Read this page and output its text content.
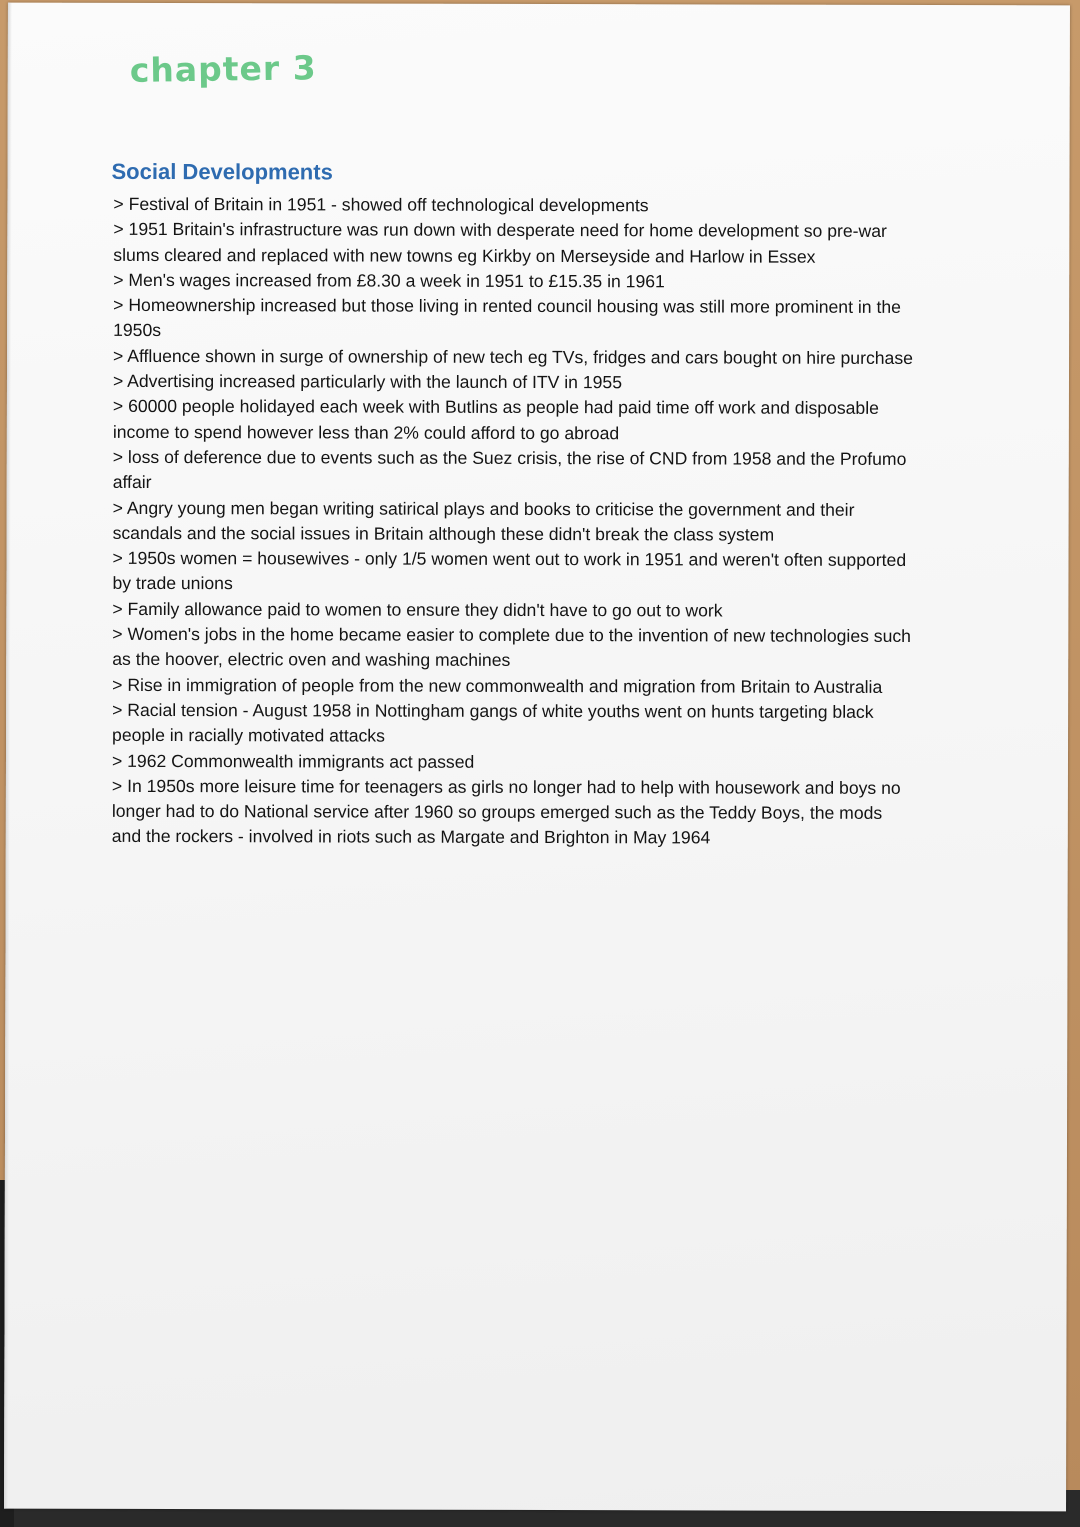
chapter 3
Social Developments
> Festival of Britain in 1951 - showed off technological developments
> 1951 Britain's infrastructure was run down with desperate need for home development so pre-war slums cleared and replaced with new towns eg Kirkby on Merseyside and Harlow in Essex
> Men's wages increased from £8.30 a week in 1951 to £15.35 in 1961
> Homeownership increased but those living in rented council housing was still more prominent in the 1950s
> Affluence shown in surge of ownership of new tech eg TVs, fridges and cars bought on hire purchase
> Advertising increased particularly with the launch of ITV in 1955
> 60000 people holidayed each week with Butlins as people had paid time off work and disposable income to spend however less than 2% could afford to go abroad
> loss of deference due to events such as the Suez crisis, the rise of CND from 1958 and the Profumo affair
> Angry young men began writing satirical plays and books to criticise the government and their scandals and the social issues in Britain although these didn't break the class system
> 1950s women = housewives - only 1/5 women went out to work in 1951 and weren't often supported by trade unions
> Family allowance paid to women to ensure they didn't have to go out to work
> Women's jobs in the home became easier to complete due to the invention of new technologies such as the hoover, electric oven and washing machines
> Rise in immigration of people from the new commonwealth and migration from Britain to Australia
> Racial tension - August 1958 in Nottingham gangs of white youths went on hunts targeting black people in racially motivated attacks
> 1962 Commonwealth immigrants act passed
> In 1950s more leisure time for teenagers as girls no longer had to help with housework and boys no longer had to do National service after 1960 so groups emerged such as the Teddy Boys, the mods and the rockers - involved in riots such as Margate and Brighton in May 1964
